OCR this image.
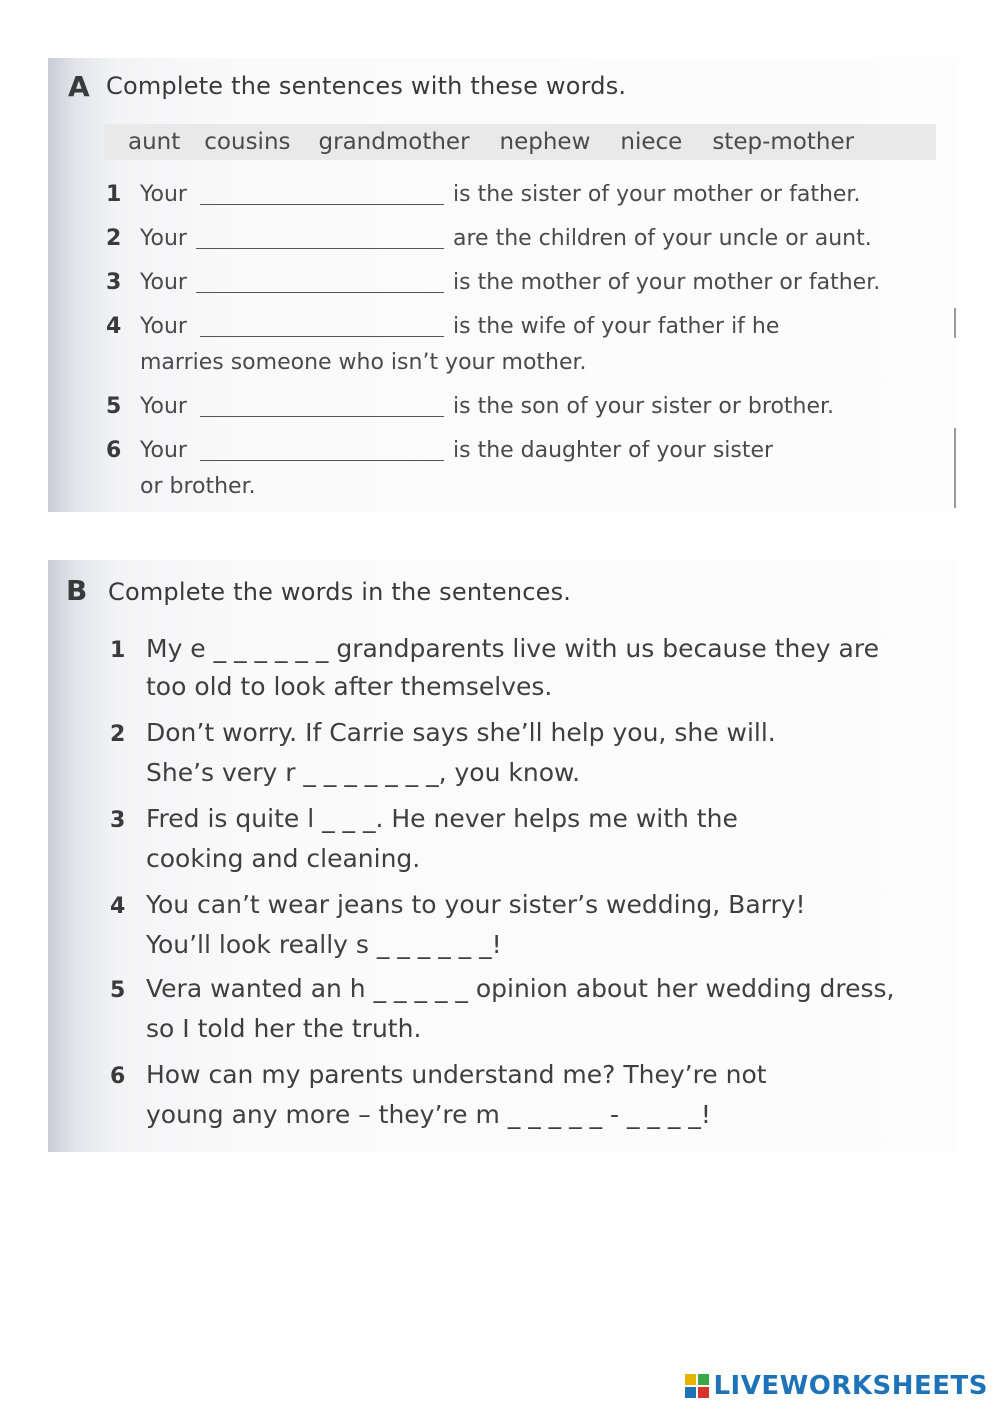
A Complete the sentences with these words.
aunt cousins grandmother nephew niece step-mother
1 Your	is the sister of your mother or father.
2 Your	are the children of your uncle or aunt.
3 Your	is the mother of your mother or father.
4 Your	is the wife of your father if he
marries someone who isn’t your mother.
5 Your	is the son of your sister or brother.
6 Your	is the daughter of your sister
or brother.
B Complete the words in the sentences.
1 My e _ _ _ _ _ _ grandparents live with us because they are
too old to look after themselves.
2 Don’t worry. If Carrie says she’ll help you, she will.
She’s very r _ _ _ _ _ _ _, you know.
3 Fred is quite l _ _ _. He never helps me with the
cooking and cleaning.
4 You can’t wear jeans to your sister’s wedding, Barry!
You’ll look really s _ _ _ _ _ _!
5 Vera wanted an h _ _ _ _ _ opinion about her wedding dress,
so I told her the truth.
6 How can my parents understand me? They’re not
young any more – they’re m _ _ _ _ _ - _ _ _ _!
LIVEWORKSHEETS
